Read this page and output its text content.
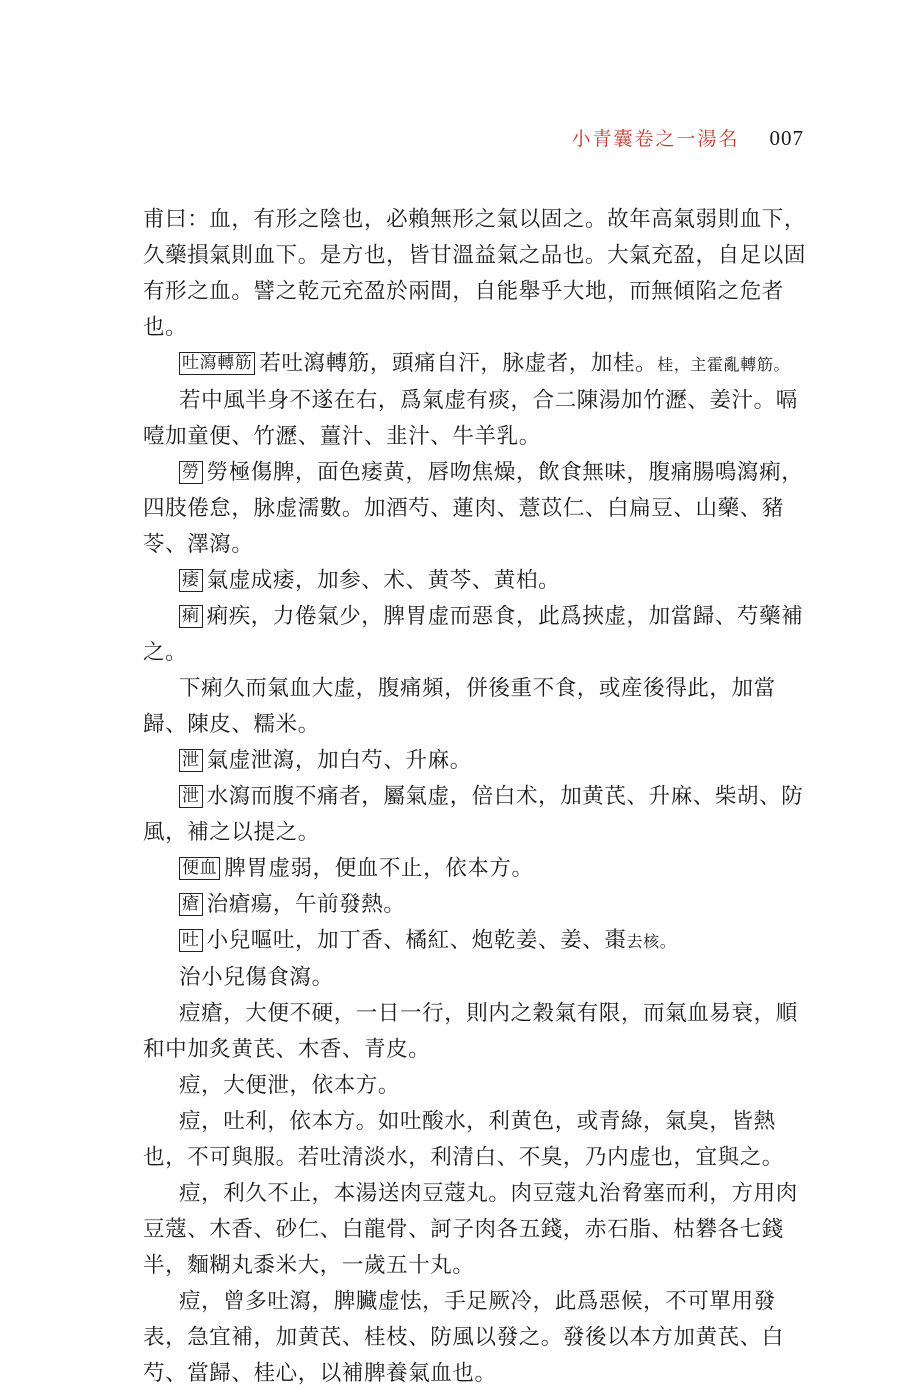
小青囊卷之一湯名 007

甫曰：血，有形之陰也，必賴無形之氣以固之。故年高氣弱則血下，久藥損氣則血下。是方也，皆甘溫益氣之品也。大氣充盈，自足以固有形之血。譬之乾元充盈於兩間，自能舉乎大地，而無傾陷之危者也。

吐瀉轉筋 若吐瀉轉筋，頭痛自汗，脉虚者，加桂。桂，主霍亂轉筋。

若中風半身不遂在右，爲氣虚有痰，合二陳湯加竹瀝、姜汁。嗝噎加童便、竹瀝、薑汁、韭汁、牛羊乳。

勞 勞極傷脾，面色痿黄，唇吻焦燥，飲食無味，腹痛腸鳴瀉痢，四肢倦怠，脉虚濡數。加酒芍、蓮肉、薏苡仁、白扁豆、山藥、豬苓、澤瀉。

痿 氣虚成痿，加参、术、黄芩、黄柏。

痢 痢疾，力倦氣少，脾胃虚而惡食，此爲挾虚，加當歸、芍藥補之。

下痢久而氣血大虚，腹痛頻，併後重不食，或産後得此，加當歸、陳皮、糯米。

泄 氣虚泄瀉，加白芍、升麻。

泄 水瀉而腹不痛者，屬氣虚，倍白术，加黄芪、升麻、柴胡、防風，補之以提之。

便血 脾胃虚弱，便血不止，依本方。

瘡 治瘡瘍，午前發熱。

吐 小兒嘔吐，加丁香、橘紅、炮乾姜、姜、棗去核。

治小兒傷食瀉。

痘瘡，大便不硬，一日一行，則内之穀氣有限，而氣血易衰，順和中加炙黄芪、木香、青皮。

痘，大便泄，依本方。

痘，吐利，依本方。如吐酸水，利黄色，或青綠，氣臭，皆熱也，不可與服。若吐清淡水，利清白、不臭，乃内虚也，宜與之。

痘，利久不止，本湯送肉豆蔻丸。肉豆蔻丸治脅塞而利，方用肉豆蔻、木香、砂仁、白龍骨、訶子肉各五錢，赤石脂、枯礬各七錢半，麵糊丸黍米大，一歲五十丸。

痘，曾多吐瀉，脾臟虚怯，手足厥冷，此爲惡候，不可單用發表，急宜補，加黄芪、桂枝、防風以發之。發後以本方加黄芪、白芍、當歸、桂心，以補脾養氣血也。
